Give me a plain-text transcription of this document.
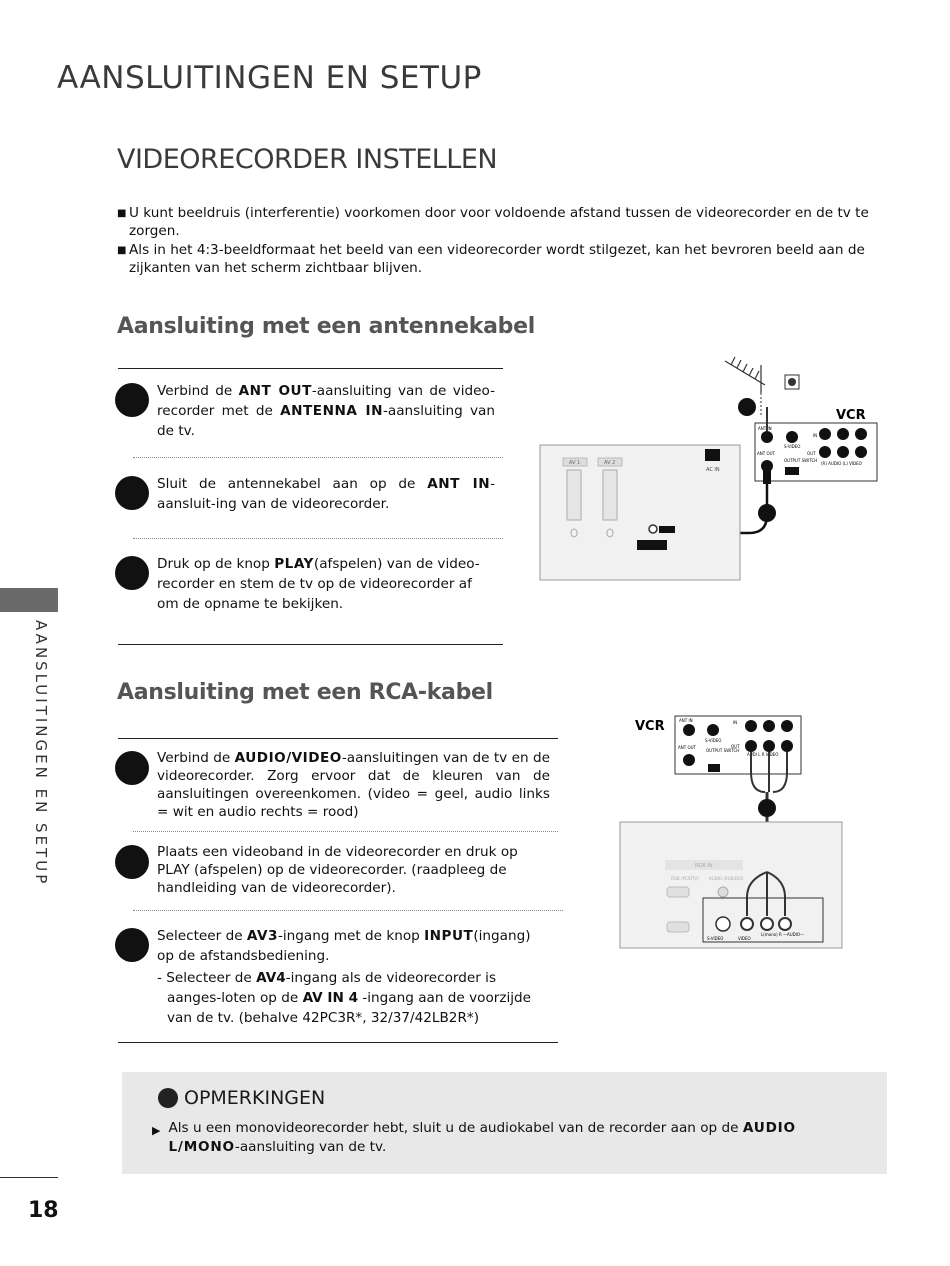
AANSLUITINGEN EN SETUP
VIDEORECORDER INSTELLEN
■ U kunt beeldruis (interferentie) voorkomen door voor voldoende afstand tussen de videorecorder en de tv te zorgen.
■ Als in het 4:3-beeldformaat het beeld van een videorecorder wordt stilgezet, kan het bevroren beeld aan de zijkanten van het scherm zichtbaar blijven.
Aansluiting met een antennekabel
Verbind de ANT OUT-aansluiting van de video-recorder met de ANTENNA IN-aansluiting van de tv.
Sluit de antennekabel aan op de ANT IN-aansluit-ing van de videorecorder.
Druk op de knop PLAY(afspelen) van de video-recorder en stem de tv op de videorecorder af om de opname te bekijken.
VCR
ANT IN
ANT OUT
IN
OUT
S-VIDEO
OUTPUT SWITCH
(R) AUDIO (L) VIDEO
AV 1	AV 2
AC IN
Aansluiting met een RCA-kabel
Verbind de AUDIO/VIDEO-aansluitingen van de tv en de videorecorder. Zorg ervoor dat de kleuren van de aansluitingen overeenkomen. (video = geel, audio links = wit en audio rechts = rood)
Plaats een videoband in de videorecorder en druk op PLAY (afspelen) op de videorecorder. (raadpleeg de handleiding van de videorecorder).
Selecteer de AV3-ingang met de knop INPUT(ingang) op de afstandsbediening.
- Selecteer de AV4-ingang als de videorecorder is aanges-loten op de AV IN 4 -ingang aan de voorzijde van de tv. (behalve 42PC3R*, 32/37/42LB2R*)
VCR	ANT IN
ANT OUT
IN
OUT
S-VIDEO
OUTPUT SWITCH
AUDI L R VIDEO
RGB IN
RGB (PC/DTV)	AUDIO (RGB/DVI)
S-VIDEO	VIDEO
L(mono) R —AUDIO—
AANSLUITINGEN EN SETUP
OPMERKINGEN
▶ Als u een monovideorecorder hebt, sluit u de audiokabel van de recorder aan op de AUDIO L/MONO-aansluiting van de tv.
18
